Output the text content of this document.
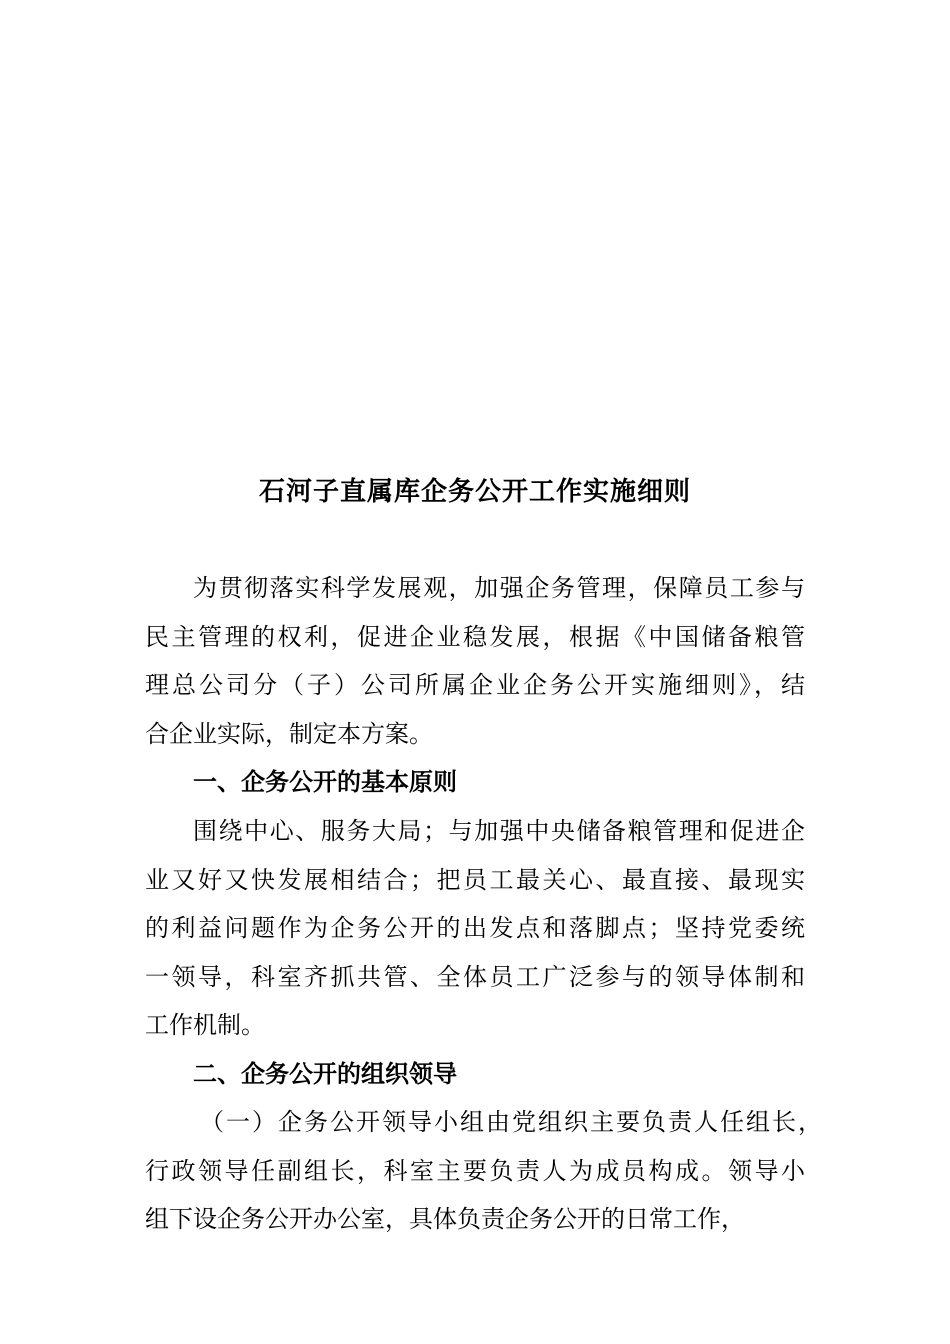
石河子直属库企务公开工作实施细则

为贯彻落实科学发展观，加强企务管理，保障员工参与

民主管理的权利，促进企业稳发展，根据《中国储备粮管

理总公司分（子）公司所属企业企务公开实施细则》，结

合企业实际，制定本方案。

一、企务公开的基本原则

围绕中心、服务大局；与加强中央储备粮管理和促进企

业又好又快发展相结合；把员工最关心、最直接、最现实

的利益问题作为企务公开的出发点和落脚点；坚持党委统

一领导，科室齐抓共管、全体员工广泛参与的领导体制和

工作机制。

二、企务公开的组织领导

（一）企务公开领导小组由党组织主要负责人任组长，

行政领导任副组长，科室主要负责人为成员构成。领导小

组下设企务公开办公室，具体负责企务公开的日常工作，
